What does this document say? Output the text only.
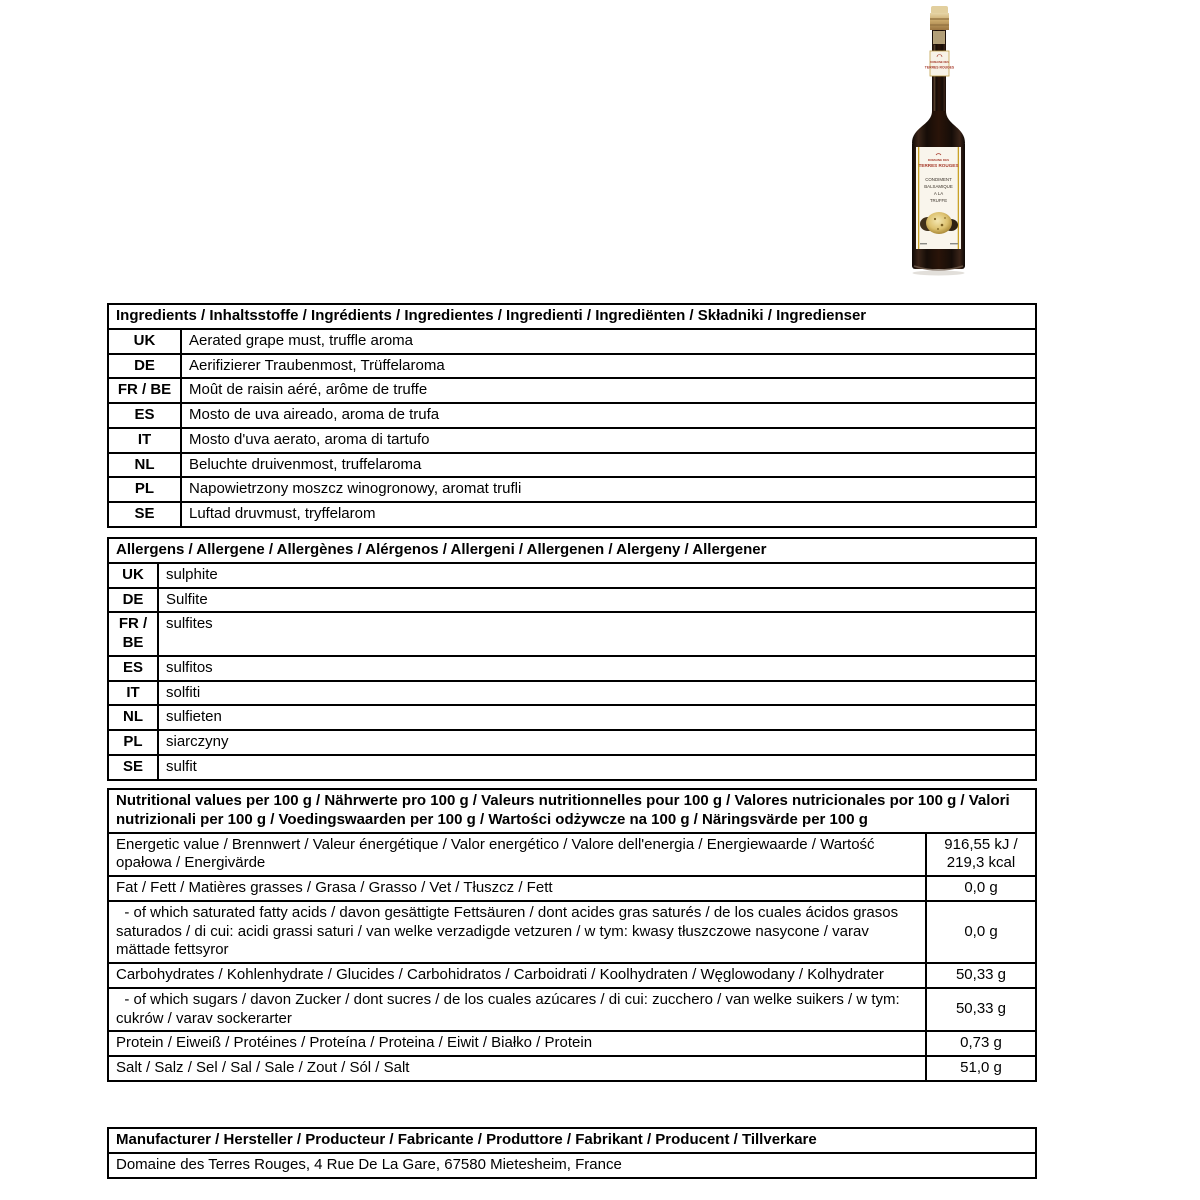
DOMAINE DES
TERRES ROUGES
DOMAINE DES
TERRES ROUGES
CONDIMENT
BALSAMIQUE
A LA
TRUFFE
Ingredients / Inhaltsstoffe / Ingrédients / Ingredientes / Ingredienti / Ingrediënten / Składniki / Ingredienser	
UK	Aerated grape must, truffle aroma
DE	Aerifizierer Traubenmost, Trüffelaroma
FR / BE	Moût de raisin aéré, arôme de truffe
ES	Mosto de uva aireado, aroma de trufa
IT	Mosto d'uva aerato, aroma di tartufo
NL	Beluchte druivenmost, truffelaroma
PL	Napowietrzony moszcz winogronowy, aromat trufli
SE	Luftad druvmust, tryffelarom
Allergens / Allergene / Allergènes / Alérgenos / Allergeni / Allergenen / Alergeny / Allergener	
UK	sulphite
DE	Sulfite
FR / BE	sulfites
ES	sulfitos
IT	solfiti
NL	sulfieten
PL	siarczyny
SE	sulfit
Nutritional values per 100 g / Nährwerte pro 100 g / Valeurs nutritionnelles pour 100 g / Valores nutricionales por 100 g / Valori nutrizionali per 100 g / Voedingswaarden per 100 g / Wartości odżywcze na 100 g / Näringsvärde per 100 g	
Energetic value / Brennwert / Valeur énergétique / Valor energético / Valore dell'energia / Energiewaarde / Wartość opałowa / Energivärde	916,55 kJ / 219,3 kcal
Fat / Fett / Matières grasses / Grasa / Grasso / Vet / Tłuszcz / Fett	0,0 g
- of which saturated fatty acids / davon gesättigte Fettsäuren / dont acides gras saturés / de los cuales ácidos grasos saturados / di cui: acidi grassi saturi / van welke verzadigde vetzuren / w tym: kwasy tłuszczowe nasycone / varav mättade fettsyror	0,0 g
Carbohydrates / Kohlenhydrate / Glucides / Carbohidratos / Carboidrati / Koolhydraten / Węglowodany / Kolhydrater	50,33 g
- of which sugars / davon Zucker / dont sucres / de los cuales azúcares / di cui: zucchero / van welke suikers / w tym: cukrów / varav sockerarter	50,33 g
Protein / Eiweiß / Protéines / Proteína / Proteina / Eiwit / Białko / Protein	0,73 g
Salt / Salz / Sel / Sal / Sale / Zout / Sól / Salt	51,0 g
Manufacturer / Hersteller / Producteur / Fabricante / Produttore / Fabrikant / Producent / Tillverkare
Domaine des Terres Rouges, 4 Rue De La Gare, 67580 Mietesheim, France
